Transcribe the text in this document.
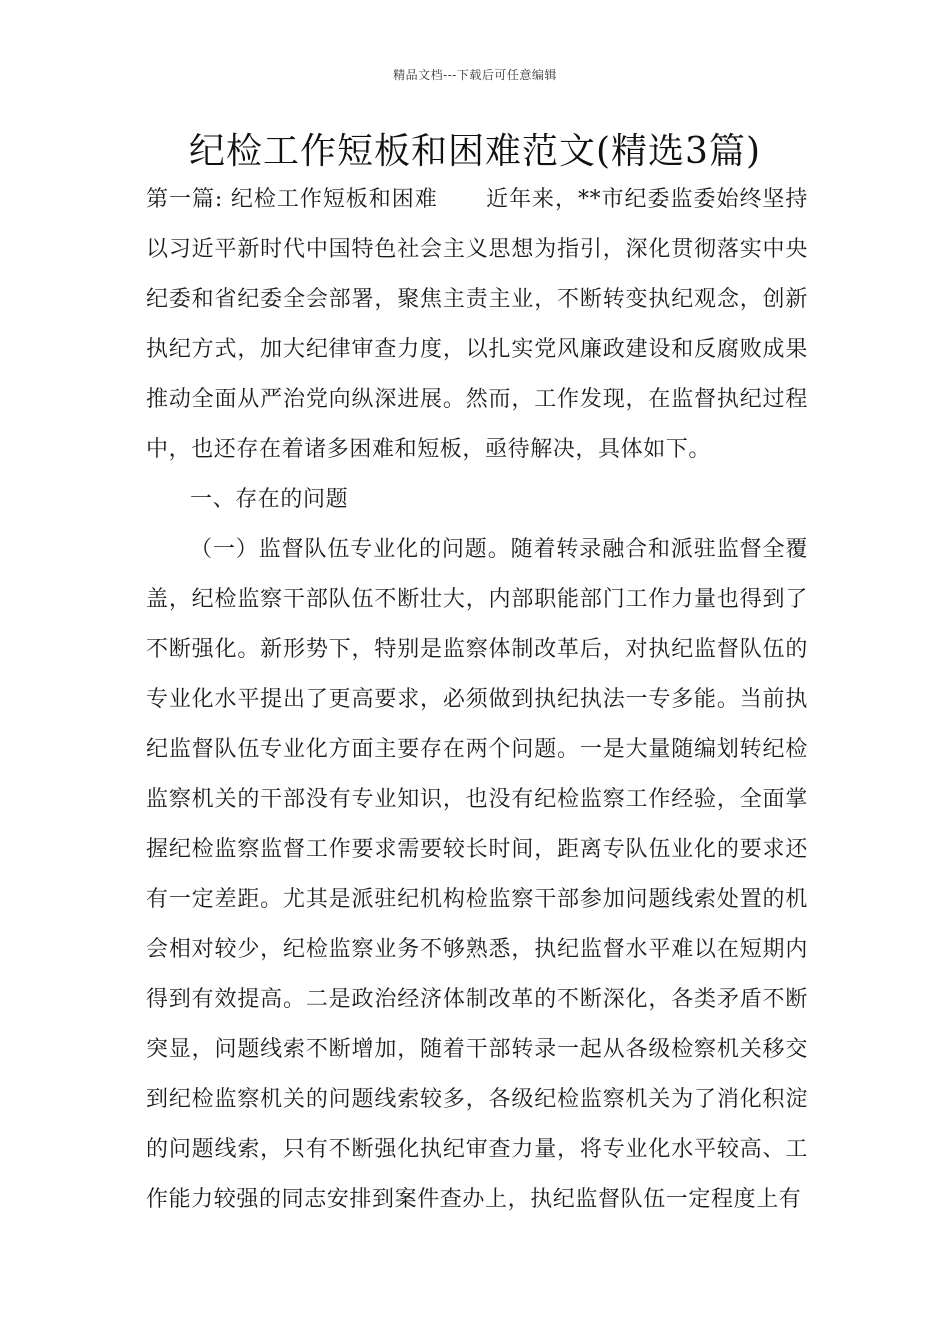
精品文档---下载后可任意编辑
纪检工作短板和困难范文(精选3篇)
第一篇: 纪检工作短板和困难 近年来，**市纪委监委始终坚持以习近平新时代中国特色社会主义思想为指引，深化贯彻落实中央纪委和省纪委全会部署，聚焦主责主业，不断转变执纪观念，创新执纪方式，加大纪律审查力度，以扎实党风廉政建设和反腐败成果推动全面从严治党向纵深进展。然而，工作发现，在监督执纪过程中，也还存在着诸多困难和短板，亟待解决，具体如下。
一、存在的问题
（一）监督队伍专业化的问题。随着转录融合和派驻监督全覆盖，纪检监察干部队伍不断壮大，内部职能部门工作力量也得到了不断强化。新形势下，特别是监察体制改革后，对执纪监督队伍的专业化水平提出了更高要求，必须做到执纪执法一专多能。当前执纪监督队伍专业化方面主要存在两个问题。一是大量随编划转纪检监察机关的干部没有专业知识，也没有纪检监察工作经验，全面掌握纪检监察监督工作要求需要较长时间，距离专队伍业化的要求还有一定差距。尤其是派驻纪机构检监察干部参加问题线索处置的机会相对较少，纪检监察业务不够熟悉，执纪监督水平难以在短期内得到有效提高。二是政治经济体制改革的不断深化，各类矛盾不断突显，问题线索不断增加，随着干部转录一起从各级检察机关移交到纪检监察机关的问题线索较多，各级纪检监察机关为了消化积淀的问题线索，只有不断强化执纪审查力量，将专业化水平较高、工作能力较强的同志安排到案件查办上，执纪监督队伍一定程度上有
